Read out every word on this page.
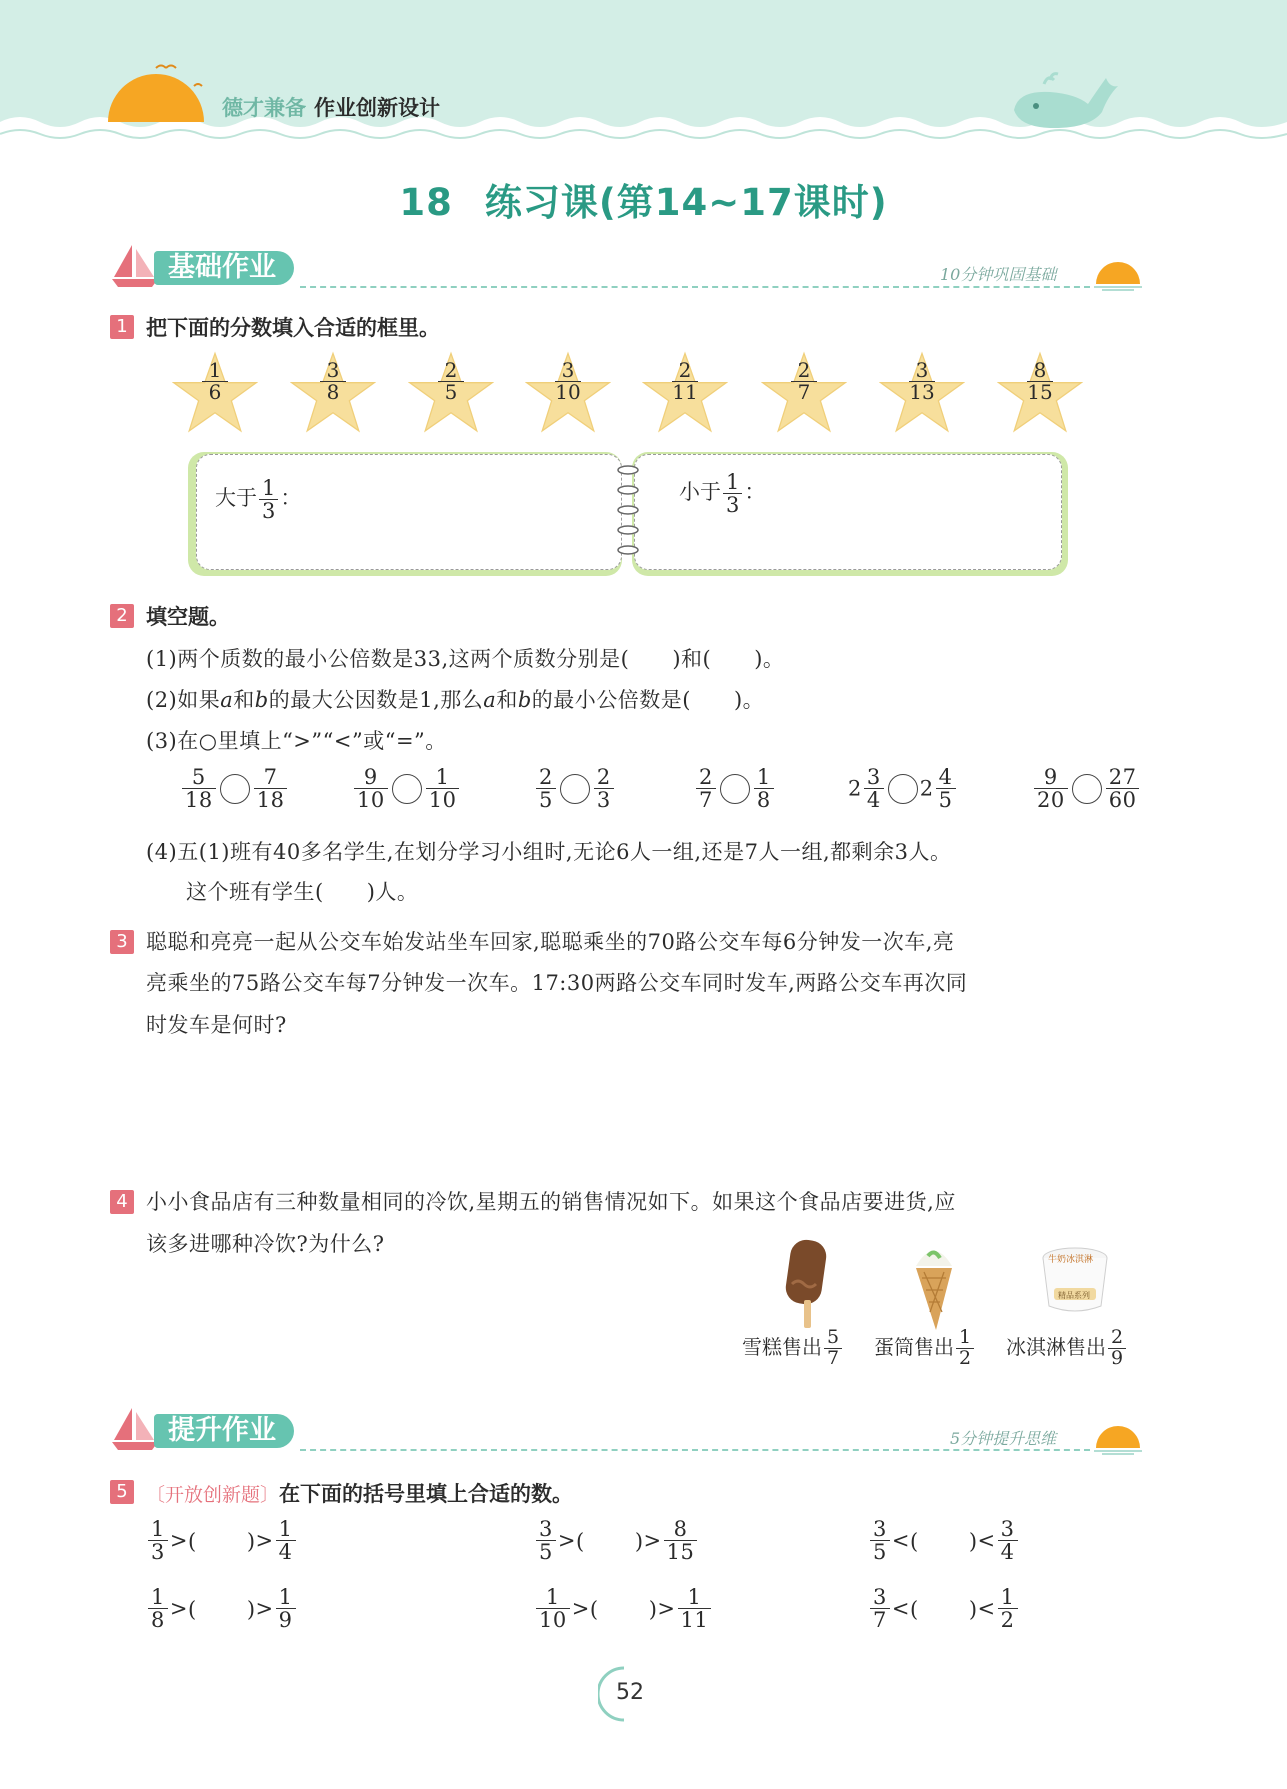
德才兼备 作业创新设计
18 练习课(第14~17课时)
基础作业	10分钟巩固基础
1 把下面的分数填入合适的框里。
$\frac{1}{6} \frac{3}{8} \frac{2}{5} \frac{3}{10} \frac{2}{11} \frac{2}{7} \frac{3}{13} \frac{8}{15}$
大于 $\frac{1}{3}$ ：	小于 $\frac{1}{3}$ ：
2 填空题。
(1)两个质数的最小公倍数是33,这两个质数分别是(　　)和(　　)。
(2)如果a和b的最大公因数是1,那么a和b的最小公倍数是(　　)。
(3)在○里填上“>”“<”或“=”。
$\frac{5}{18} \frac{7}{18}$	$\frac{9}{10} \frac{1}{10}$	$\frac{2}{5} \frac{2}{3}$	$\frac{2}{7} \frac{1}{8}$	$2 \frac{3}{4} 2 \frac{4}{5}$	$\frac{9}{20} \frac{27}{60}$
(4)五(1)班有40多名学生,在划分学习小组时,无论6人一组,还是7人一组,都剩余3人。
这个班有学生(　　)人。
3 聪聪和亮亮一起从公交车始发站坐车回家,聪聪乘坐的70路公交车每6分钟发一次车,亮
亮乘坐的75路公交车每7分钟发一次车。17:30两路公交车同时发车,两路公交车再次同
时发车是何时?
4 小小食品店有三种数量相同的冷饮,星期五的销售情况如下。如果这个食品店要进货,应
该多进哪种冷饮?为什么?
牛奶冰淇淋
精品系列
雪糕售出 $\frac{5}{7}$ 蛋筒售出 $\frac{1}{2}$ 冰淇淋售出 $\frac{2}{9}$
提升作业	5分钟提升思维
5 〔开放创新题〕在下面的括号里填上合适的数。
$\frac{1}{3}$ >(　　 )> $\frac{1}{4}$	$\frac{3}{5}$ >(　　 )> $\frac{8}{15}$	$\frac{3}{5}$ <(　　 )< $\frac{3}{4}$
$\frac{1}{8}$ >(　　 )> $\frac{1}{9}$	$\frac{1}{10}$ >(　　 )> $\frac{1}{11}$	$\frac{3}{7}$ <(　　 )< $\frac{1}{2}$
52
